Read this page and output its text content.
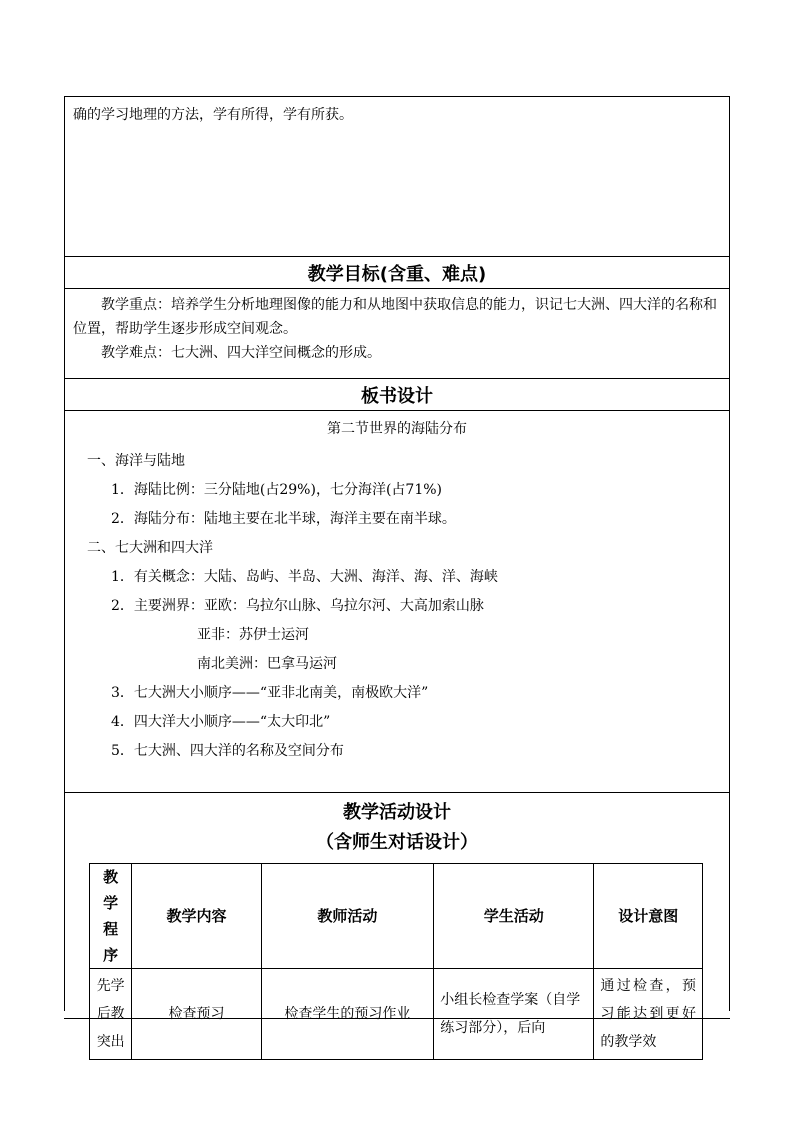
确的学习地理的方法，学有所得，学有所获。
教学目标(含重、难点)

教学重点：培养学生分析地理图像的能力和从地图中获取信息的能力，识记七大洲、四大洋的名称和位置，帮助学生逐步形成空间观念。

教学难点：七大洲、四大洋空间概念的形成。

板书设计

第二节世界的海陆分布

一、海洋与陆地

1．海陆比例：三分陆地(占29%)，七分海洋(占71%)

2．海陆分布：陆地主要在北半球，海洋主要在南半球。

二、七大洲和四大洋

1．有关概念：大陆、岛屿、半岛、大洲、海洋、海、洋、海峡

2．主要洲界：亚欧：乌拉尔山脉、乌拉尔河、大高加索山脉

亚非：苏伊士运河

南北美洲：巴拿马运河

3．七大洲大小顺序——“亚非北南美，南极欧大洋”

4．四大洋大小顺序——“太大印北”

5．七大洲、四大洋的名称及空间分布

教学活动设计
（含师生对话设计）
教学程序	教学内容	教师活动	学生活动	设计意图
先学后教突出	检查预习	检查学生的预习作业	小组长检查学案（自学练习部分），后向	通过检查，预习能达到更好的教学效
